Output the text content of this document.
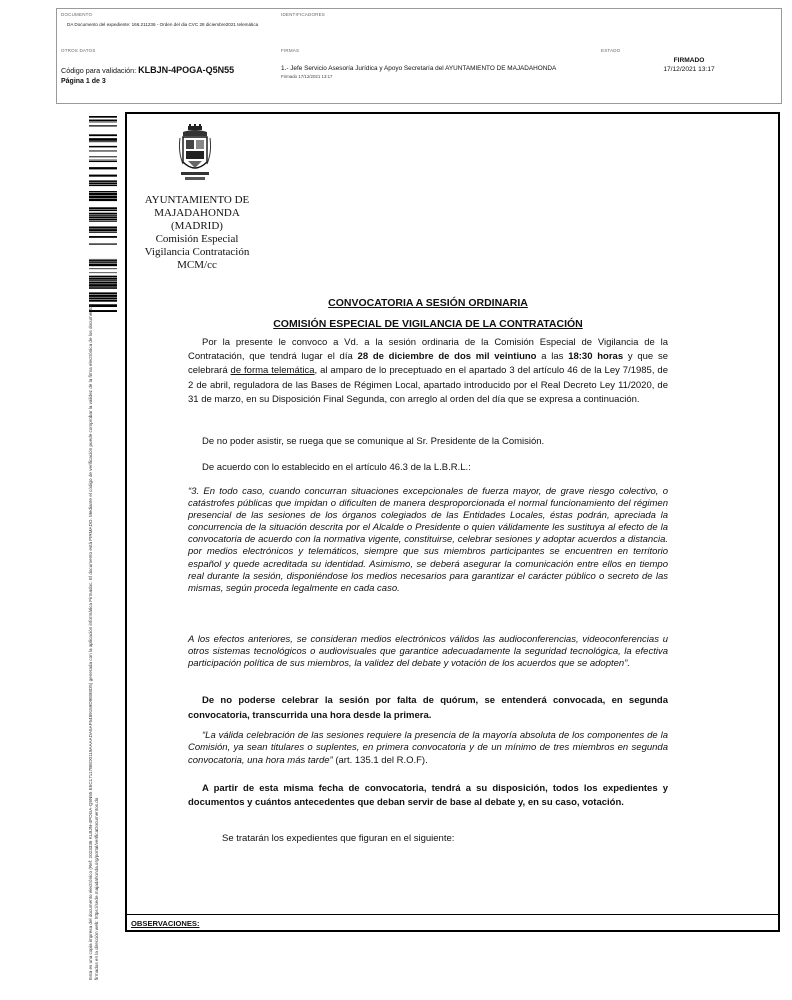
DOCUMENTO
DA Documento del expediente: 166.211236 - Orden del dia CVC 28 diciembre2021 telemática
IDENTIFICADORES
OTROS DATOS
Código para validación: KLBJN-4POGA-Q5N55
Página 1 de 3
FIRMAS
1.- Jefe Servicio Asesoría Jurídica y Apoyo Secretaría del AYUNTAMIENTO DE MAJADAHONDA
Firmado 17/12/2021 13:17
ESTADO
FIRMADO
17/12/2021 13:17
Esta es una copia impresa del documento electrónico (Ref: 2023336 KLBJN-4POGA-Q5N55 E5C17117BED0119AAAADA5AF5489159D9EB8D5) generada con la aplicación informática Firmadoc. El documento está FIRMADO. Mediante el código de verificación puede comprobar la validez de la firma electrónica de los documentos firmados en la dirección web: https://sede.majadahonda.org/portal/verificaDocumentos.do
AYUNTAMIENTO DE
MAJADAHONDA
(MADRID)
Comisión Especial
Vigilancia Contratación
MCM/cc
CONVOCATORIA A SESIÓN ORDINARIA
COMISIÓN ESPECIAL DE VIGILANCIA DE LA CONTRATACIÓN
Por la presente le convoco a Vd. a la sesión ordinaria de la Comisión Especial de Vigilancia de la Contratación, que tendrá lugar el día 28 de diciembre de dos mil veintiuno a las 18:30 horas y que se celebrará de forma telemática, al amparo de lo preceptuado en el apartado 3 del artículo 46 de la Ley 7/1985, de 2 de abril, reguladora de las Bases de Régimen Local, apartado introducido por el Real Decreto Ley 11/2020, de 31 de marzo, en su Disposición Final Segunda, con arreglo al orden del día que se expresa a continuación.
De no poder asistir, se ruega que se comunique al Sr. Presidente de la Comisión.
De acuerdo con lo establecido en el artículo 46.3 de la L.B.R.L.:
“3. En todo caso, cuando concurran situaciones excepcionales de fuerza mayor, de grave riesgo colectivo, o catástrofes públicas que impidan o dificulten de manera desproporcionada el normal funcionamiento del régimen presencial de las sesiones de los órganos colegiados de las Entidades Locales, éstas podrán, apreciada la concurrencia de la situación descrita por el Alcalde o Presidente o quien válidamente les sustituya al efecto de la convocatoria de acuerdo con la normativa vigente, constituirse, celebrar sesiones y adoptar acuerdos a distancia. por medios electrónicos y telemáticos, siempre que sus miembros participantes se encuentren en territorio español y quede acreditada su identidad. Asimismo, se deberá asegurar la comunicación entre ellos en tiempo real durante la sesión, disponiéndose los medios necesarios para garantizar el carácter público o secreto de las mismas, según proceda legalmente en cada caso.
A los efectos anteriores, se consideran medios electrónicos válidos las audioconferencias, videoconferencias u otros sistemas tecnológicos o audiovisuales que garantice adecuadamente la seguridad tecnológica, la efectiva participación política de sus miembros, la validez del debate y votación de los acuerdos que se adopten”.
De no poderse celebrar la sesión por falta de quórum, se entenderá convocada, en segunda convocatoria, transcurrida una hora desde la primera.
“La válida celebración de las sesiones requiere la presencia de la mayoría absoluta de los componentes de la Comisión, ya sean titulares o suplentes, en primera convocatoria y de un mínimo de tres miembros en segunda convocatoria, una hora más tarde” (art. 135.1 del R.O.F).
A partir de esta misma fecha de convocatoria, tendrá a su disposición, todos los expedientes y documentos y cuántos antecedentes que deban servir de base al debate y, en su caso, votación.
Se tratarán los expedientes que figuran en el siguiente:
OBSERVACIONES:
